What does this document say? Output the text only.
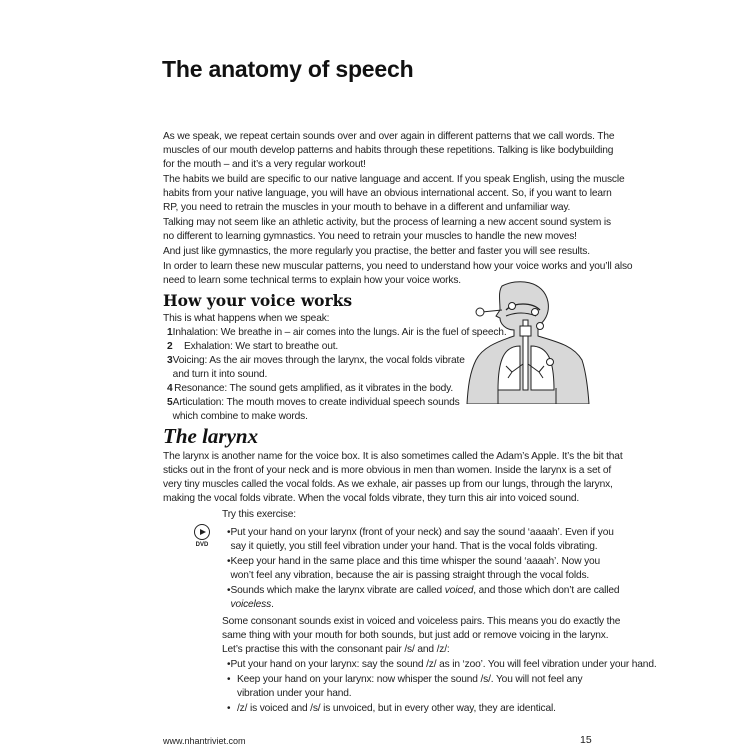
The anatomy of speech
As we speak, we repeat certain sounds over and over again in different patterns that we call words. The
muscles of our mouth develop patterns and habits through these repetitions. Talking is like bodybuilding
for the mouth – and it’s a very regular workout!
The habits we build are specific to our native language and accent. If you speak English, using the muscle
habits from your native language, you will have an obvious international accent. So, if you want to learn
RP, you need to retrain the muscles in your mouth to behave in a different and unfamiliar way.
Talking may not seem like an athletic activity, but the process of learning a new accent sound system is
no different to learning gymnastics. You need to retrain your muscles to handle the new moves!
And just like gymnastics, the more regularly you practise, the better and faster you will see results.
In order to learn these new muscular patterns, you need to understand how your voice works and you’ll also
need to learn some technical terms to explain how your voice works.
How your voice works
This is what happens when we speak:
1 Inhalation: We breathe in – air comes into the lungs. Air is the fuel of speech.
2	Exhalation: We start to breathe out.
3 Voicing: As the air moves through the larynx, the vocal folds vibrate
and turn it into sound.
4 Resonance: The sound gets amplified, as it vibrates in the body.
5 Articulation: The mouth moves to create individual speech sounds
which combine to make words.
The larynx
The larynx is another name for the voice box. It is also sometimes called the Adam’s Apple. It’s the bit that
sticks out in the front of your neck and is more obvious in men than women. Inside the larynx is a set of
very tiny muscles called the vocal folds. As we exhale, air passes up from our lungs, through the larynx,
making the vocal folds vibrate. When the vocal folds vibrate, they turn this air into voiced sound.
DVD
Try this exercise:
• Put your hand on your larynx (front of your neck) and say the sound ‘aaaah’. Even if you
say it quietly, you still feel vibration under your hand. That is the vocal folds vibrating.
• Keep your hand in the same place and this time whisper the sound ‘aaaah’. Now you
won’t feel any vibration, because the air is passing straight through the vocal folds.
• Sounds which make the larynx vibrate are called voiced, and those which don’t are called
voiceless.
Some consonant sounds exist in voiced and voiceless pairs. This means you do exactly the
same thing with your mouth for both sounds, but just add or remove voicing in the larynx.
Let’s practise this with the consonant pair /s/ and /z/:
• Put your hand on your larynx: say the sound /z/ as in ‘zoo’. You will feel vibration under your hand.
• Keep your hand on your larynx: now whisper the sound /s/. You will not feel any
vibration under your hand.
• /z/ is voiced and /s/ is unvoiced, but in every other way, they are identical.
www.nhantriviet.com	15
